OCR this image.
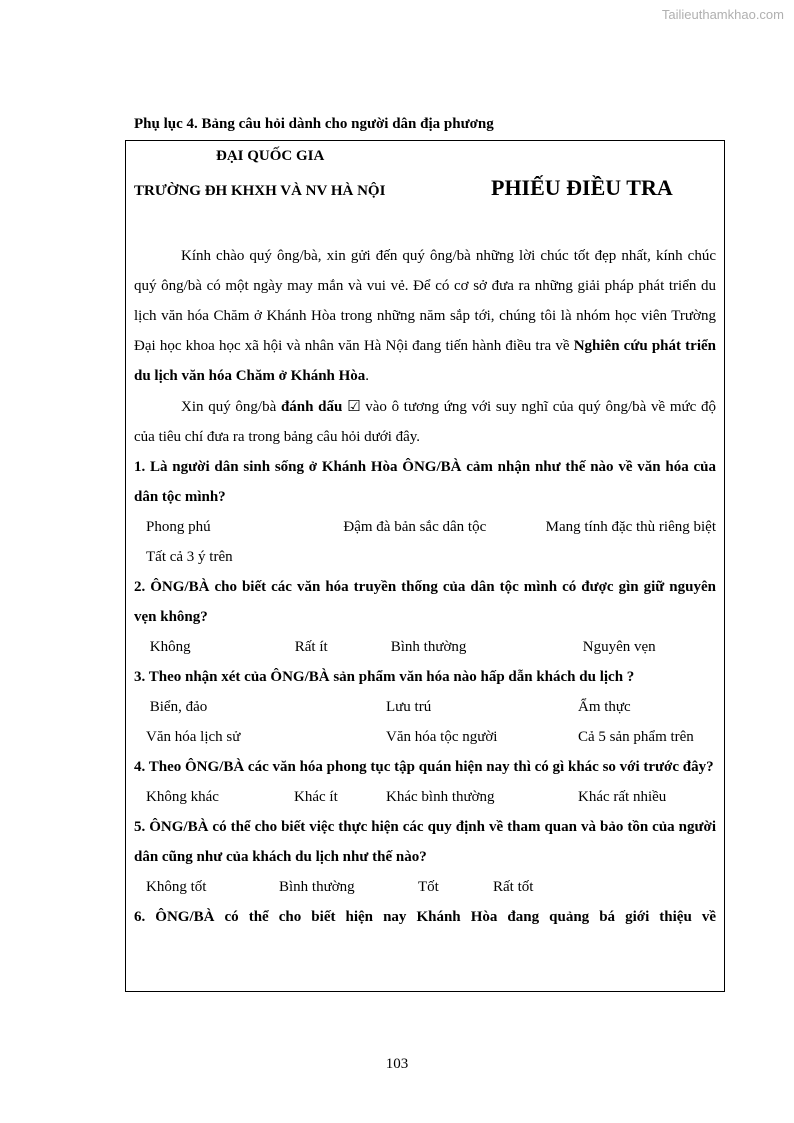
Tailieuthamkhao.com
Phụ lục 4. Bảng câu hỏi dành cho người dân địa phương
ĐẠI QUỐC GIA
TRƯỜNG ĐH KHXH VÀ NV HÀ NỘI	PHIẾU ĐIỀU TRA

Kính chào quý ông/bà, xin gửi đến quý ông/bà những lời chúc tốt đẹp nhất, kính chúc quý ông/bà có một ngày may mắn và vui vẻ. Để có cơ sở đưa ra những giải pháp phát triển du lịch văn hóa Chăm ở Khánh Hòa trong những năm sắp tới, chúng tôi là nhóm học viên Trường Đại học khoa học xã hội và nhân văn Hà Nội đang tiến hành điều tra về Nghiên cứu phát triển du lịch văn hóa Chăm ở Khánh Hòa.

Xin quý ông/bà đánh dấu ☑ vào ô tương ứng với suy nghĩ của quý ông/bà về mức độ của tiêu chí đưa ra trong bảng câu hỏi dưới đây.

1. Là người dân sinh sống ở Khánh Hòa ÔNG/BÀ cảm nhận như thế nào về văn hóa của dân tộc mình?

Phong phú	Đậm đà bản sắc dân tộc	Mang tính đặc thù riêng biệt
Tất cả 3 ý trên

2. ÔNG/BÀ cho biết các văn hóa truyền thống của dân tộc mình có được gìn giữ nguyên vẹn không?

Không	Rất ít	Bình thường	Nguyên vẹn

3. Theo nhận xét của ÔNG/BÀ sản phẩm văn hóa nào hấp dẫn khách du lịch ?

Biển, đảo	Lưu trú	Ẩm thực
Văn hóa lịch sử	Văn hóa tộc người	Cả 5 sản phẩm trên

4. Theo ÔNG/BÀ các văn hóa phong tục tập quán hiện nay thì có gì khác so với trước đây?

Không khác	Khác ít	Khác bình thường	Khác rất nhiều

5. ÔNG/BÀ có thể cho biết việc thực hiện các quy định về tham quan và bảo tồn của người dân cũng như của khách du lịch như thế nào?

Không tốt	Bình thường	Tốt	Rất tốt

6. ÔNG/BÀ có thể cho biết hiện nay Khánh Hòa đang quảng bá giới thiệu về

103
